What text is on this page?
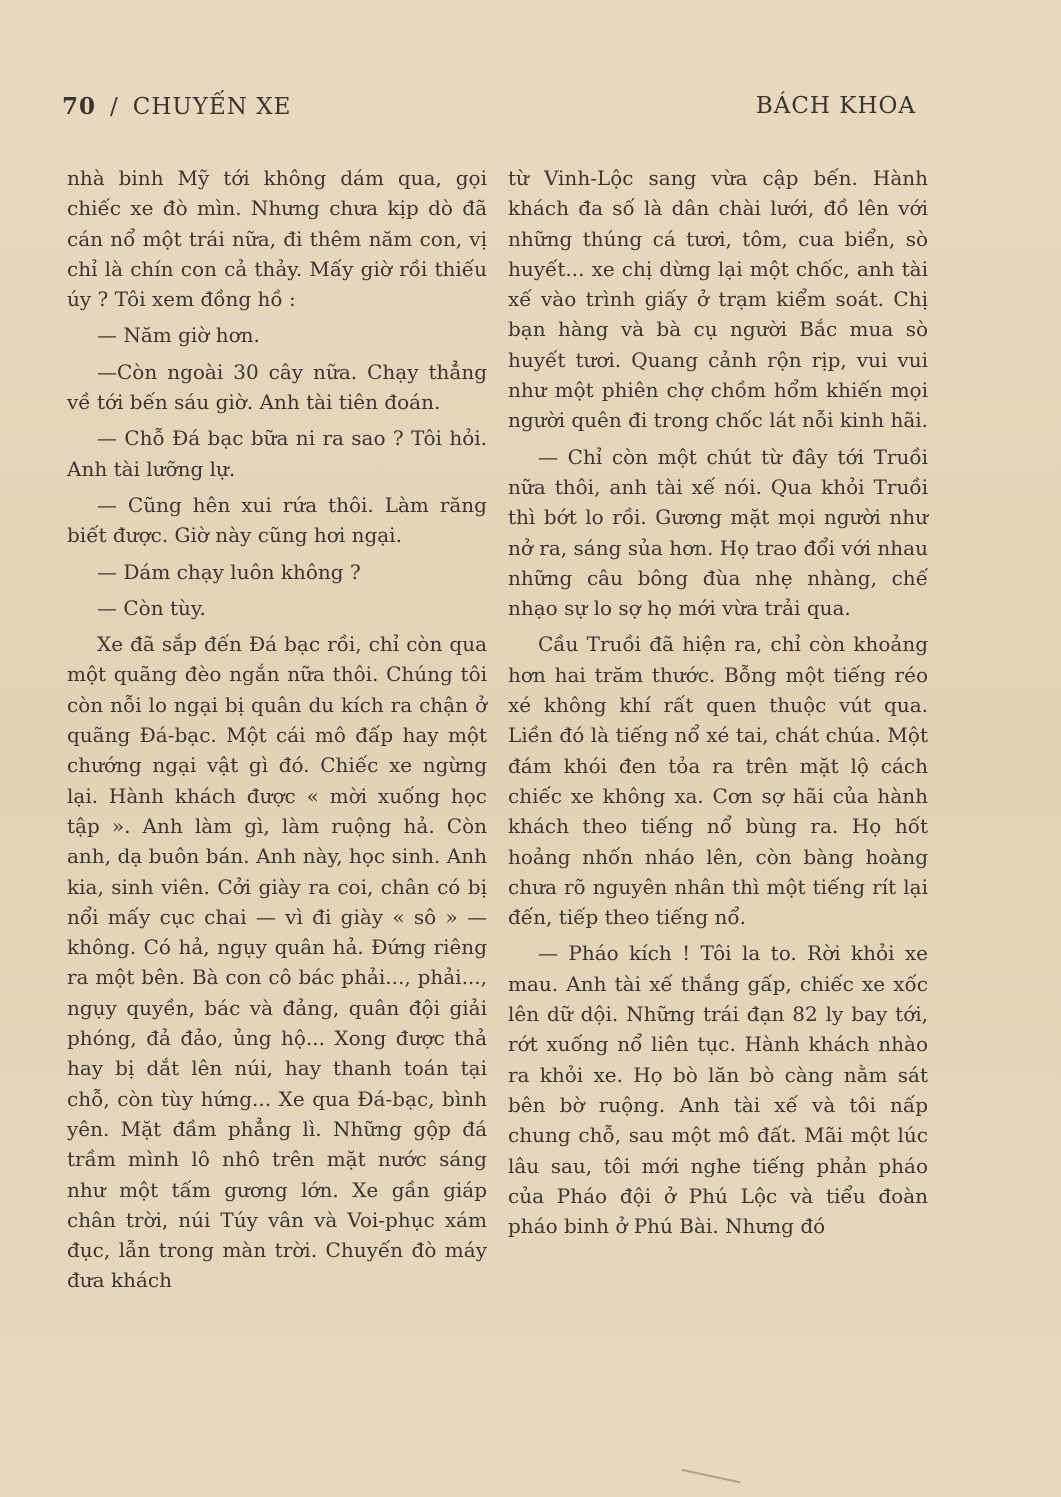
70 / CHUYẾN XE	BÁCH KHOA

nhà binh Mỹ tới không dám qua, gọi chiếc xe đò mìn. Nhưng chưa kịp dò đã cán nổ một trái nữa, đi thêm năm con, vị chỉ là chín con cả thảy. Mấy giờ rồi thiếu úy ? Tôi xem đồng hồ :

— Năm giờ hơn.

—Còn ngoài 30 cây nữa. Chạy thẳng về tới bến sáu giờ. Anh tài tiên đoán.

— Chỗ Đá bạc bữa ni ra sao ? Tôi hỏi. Anh tài lưỡng lự.

— Cũng hên xui rứa thôi. Làm răng biết được. Giờ này cũng hơi ngại.

— Dám chạy luôn không ?

— Còn tùy.

Xe đã sắp đến Đá bạc rồi, chỉ còn qua một quãng đèo ngắn nữa thôi. Chúng tôi còn nỗi lo ngại bị quân du kích ra chận ở quãng Đá-bạc. Một cái mô đấp hay một chướng ngại vật gì đó. Chiếc xe ngừng lại. Hành khách được « mời xuống học tập ». Anh làm gì, làm ruộng hả. Còn anh, dạ buôn bán. Anh này, học sinh. Anh kia, sinh viên. Cởi giày ra coi, chân có bị nổi mấy cục chai — vì đi giày « sô » — không. Có hả, ngụy quân hả. Đứng riêng ra một bên. Bà con cô bác phải..., phải..., ngụy quyền, bác và đảng, quân đội giải phóng, đả đảo, ủng hộ... Xong được thả hay bị dắt lên núi, hay thanh toán tại chỗ, còn tùy hứng... Xe qua Đá-bạc, bình yên. Mặt đầm phẳng lì. Những gộp đá trầm mình lô nhô trên mặt nước sáng như một tấm gương lớn. Xe gần giáp chân trời, núi Túy vân và Voi-phục xám đục, lẫn trong màn trời. Chuyến đò máy đưa khách

từ Vinh-Lộc sang vừa cập bến. Hành khách đa số là dân chài lưới, đồ lên với những thúng cá tươi, tôm, cua biển, sò huyết... xe chị dừng lại một chốc, anh tài xế vào trình giấy ở trạm kiểm soát. Chị bạn hàng và bà cụ người Bắc mua sò huyết tươi. Quang cảnh rộn rịp, vui vui như một phiên chợ chồm hổm khiến mọi người quên đi trong chốc lát nỗi kinh hãi.

— Chỉ còn một chút từ đây tới Truồi nữa thôi, anh tài xế nói. Qua khỏi Truồi thì bớt lo rồi. Gương mặt mọi người như nở ra, sáng sủa hơn. Họ trao đổi với nhau những câu bông đùa nhẹ nhàng, chế nhạo sự lo sợ họ mới vừa trải qua.

Cầu Truồi đã hiện ra, chỉ còn khoảng hơn hai trăm thước. Bỗng một tiếng réo xé không khí rất quen thuộc vút qua. Liền đó là tiếng nổ xé tai, chát chúa. Một đám khói đen tỏa ra trên mặt lộ cách chiếc xe không xa. Cơn sợ hãi của hành khách theo tiếng nổ bùng ra. Họ hốt hoảng nhốn nháo lên, còn bàng hoàng chưa rõ nguyên nhân thì một tiếng rít lại đến, tiếp theo tiếng nổ.

— Pháo kích ! Tôi la to. Rời khỏi xe mau. Anh tài xế thắng gấp, chiếc xe xốc lên dữ dội. Những trái đạn 82 ly bay tới, rớt xuống nổ liên tục. Hành khách nhào ra khỏi xe. Họ bò lăn bò càng nằm sát bên bờ ruộng. Anh tài xế và tôi nấp chung chỗ, sau một mô đất. Mãi một lúc lâu sau, tôi mới nghe tiếng phản pháo của Pháo đội ở Phú Lộc và tiểu đoàn pháo binh ở Phú Bài. Nhưng đó
